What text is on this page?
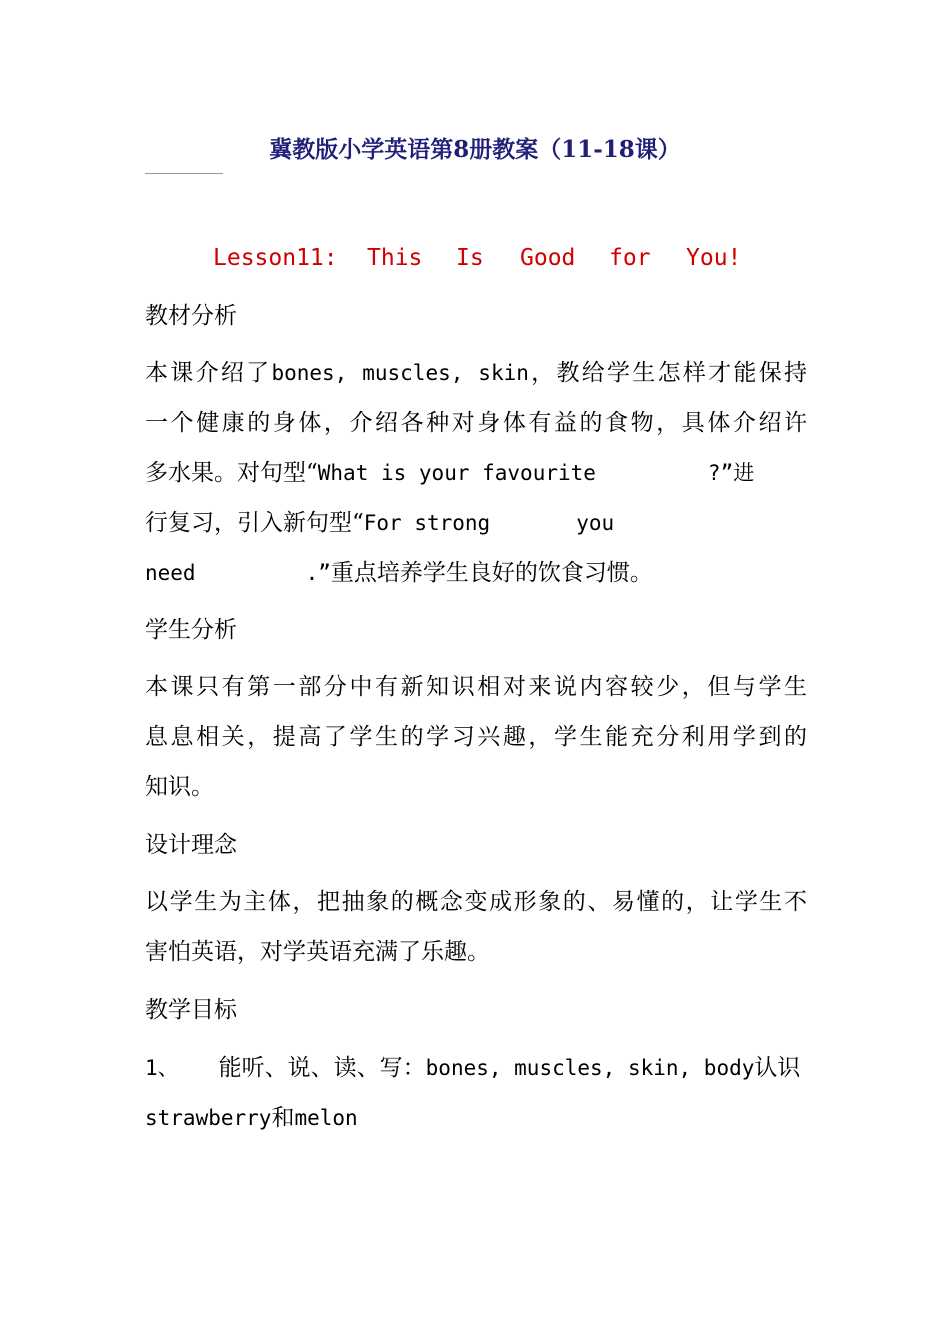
冀教版小学英语第8册教案（11-18课）
Lesson11: This Is Good for You!
教材分析
本课介绍了bones, muscles, skin，教给学生怎样才能保持
一个健康的身体，介绍各种对身体有益的食物，具体介绍许
多水果。对句型“What is your favourite	?”进
行复习，引入新句型“For strong	you
need	.”重点培养学生良好的饮食习惯。
学生分析
本课只有第一部分中有新知识相对来说内容较少，但与学生
息息相关，提高了学生的学习兴趣，学生能充分利用学到的
知识。
设计理念
以学生为主体，把抽象的概念变成形象的、易懂的，让学生不
害怕英语，对学英语充满了乐趣。
教学目标
1、 能听、说、读、写：bones, muscles, skin, body认识
strawberry和melon
